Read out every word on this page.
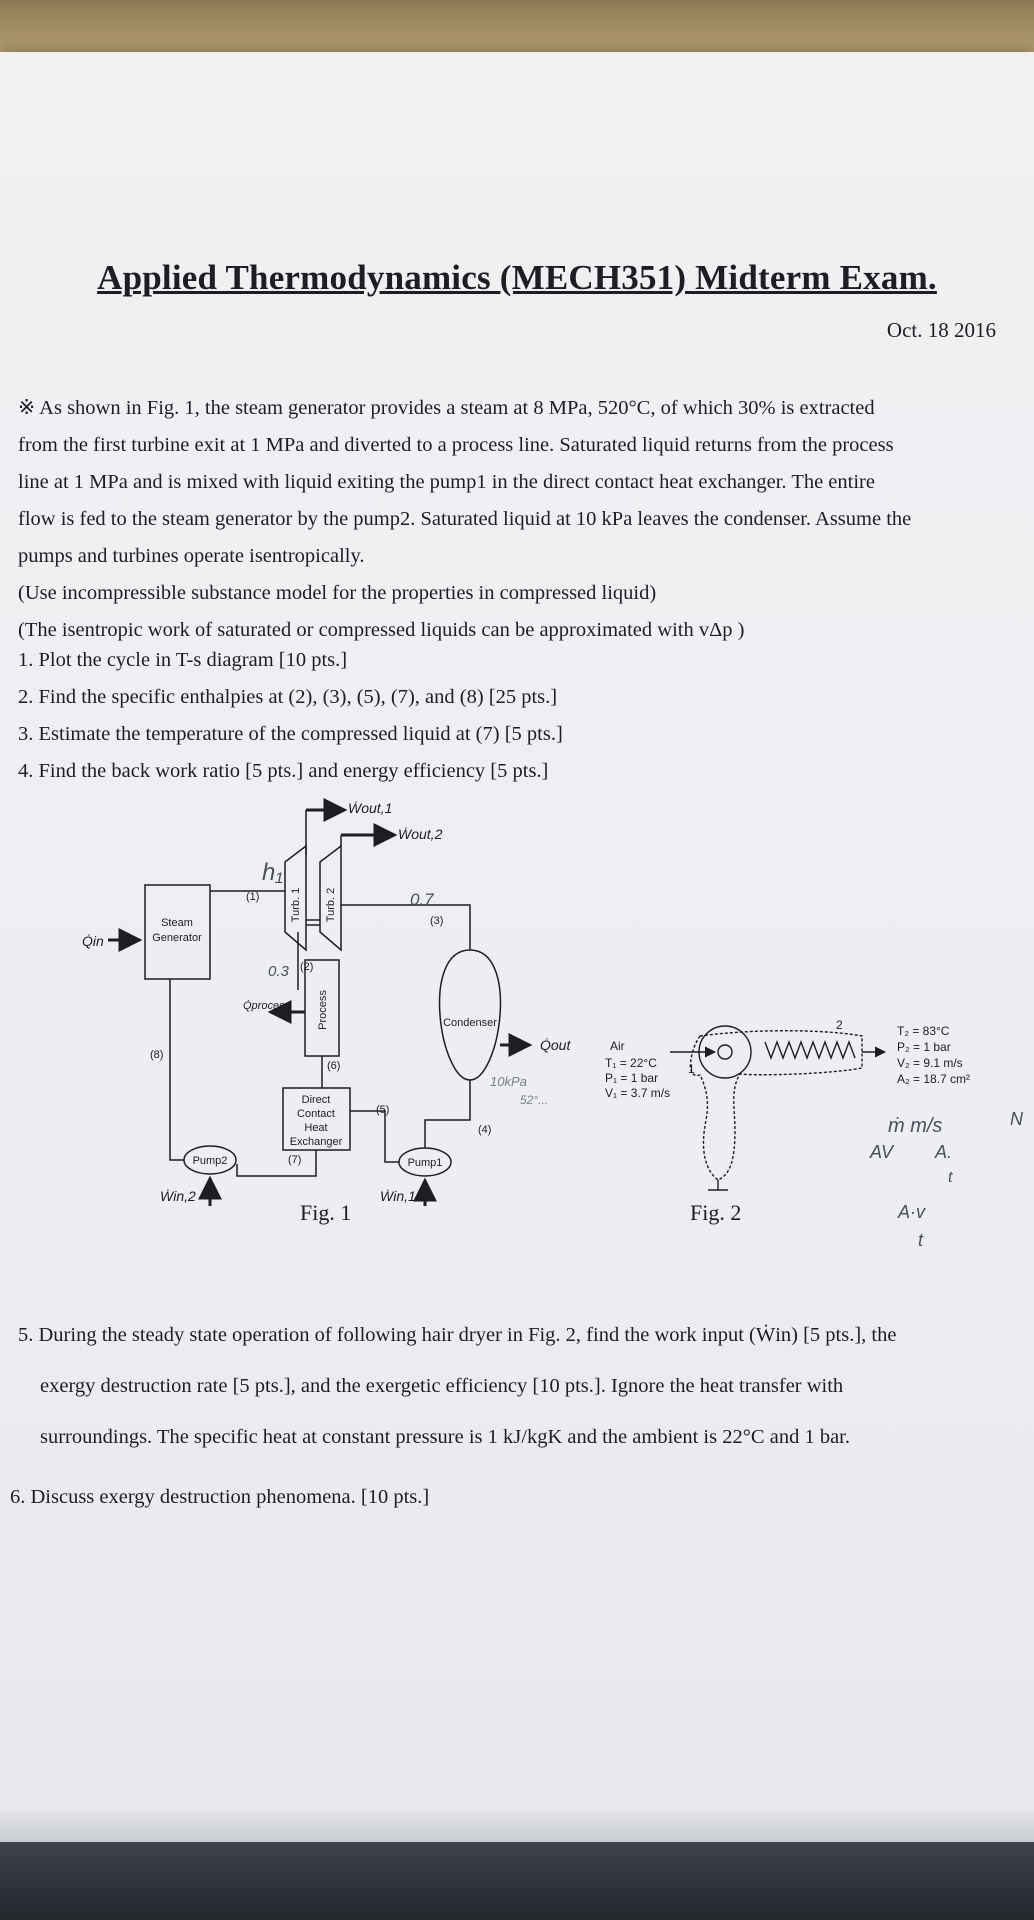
Applied Thermodynamics (MECH351) Midterm Exam.
Oct. 18 2016

※ As shown in Fig. 1, the steam generator provides a steam at 8 MPa, 520°C, of which 30% is extracted

from the first turbine exit at 1 MPa and diverted to a process line. Saturated liquid returns from the process

line at 1 MPa and is mixed with liquid exiting the pump1 in the direct contact heat exchanger. The entire

flow is fed to the steam generator by the pump2. Saturated liquid at 10 kPa leaves the condenser. Assume the

pumps and turbines operate isentropically.

(Use incompressible substance model for the properties in compressed liquid)

(The isentropic work of saturated or compressed liquids can be approximated with vΔp )

1. Plot the cycle in T-s diagram [10 pts.]
2. Find the specific enthalpies at (2), (3), (5), (7), and (8) [25 pts.]
3. Estimate the temperature of the compressed liquid at (7) [5 pts.]
4. Find the back work ratio [5 pts.] and energy efficiency [5 pts.]
Steam
Generator
Turb. 1 Turb. 2
Process	Condenser
Direct
Contact
Heat
Exchanger
Pump1
Pump2
(1)
(2)
(3)
(4)
(5)
(6)
(7)
(8)
Q̇in
Q̇out
Q̇process
Ẇout,1
Ẇout,2
Ẇin,1
Ẇin,2
Air
T₁ = 22°C
P₁ = 1 bar
V₁ = 3.7 m/s
1
2	T₂ = 83°C
P₂ = 1 bar
V₂ = 9.1 m/s
A₂ = 18.7 cm²
h₁
0.7
0.3
10kPa
52°...
ṁ m/s
AV A.
t
A·v
t
N
Fig. 1	Fig. 2

5. During the steady state operation of following hair dryer in Fig. 2, find the work input (Ẇin) [5 pts.], the

exergy destruction rate [5 pts.], and the exergetic efficiency [10 pts.]. Ignore the heat transfer with

surroundings. The specific heat at constant pressure is 1 kJ/kgK and the ambient is 22°C and 1 bar.

6. Discuss exergy destruction phenomena. [10 pts.]
